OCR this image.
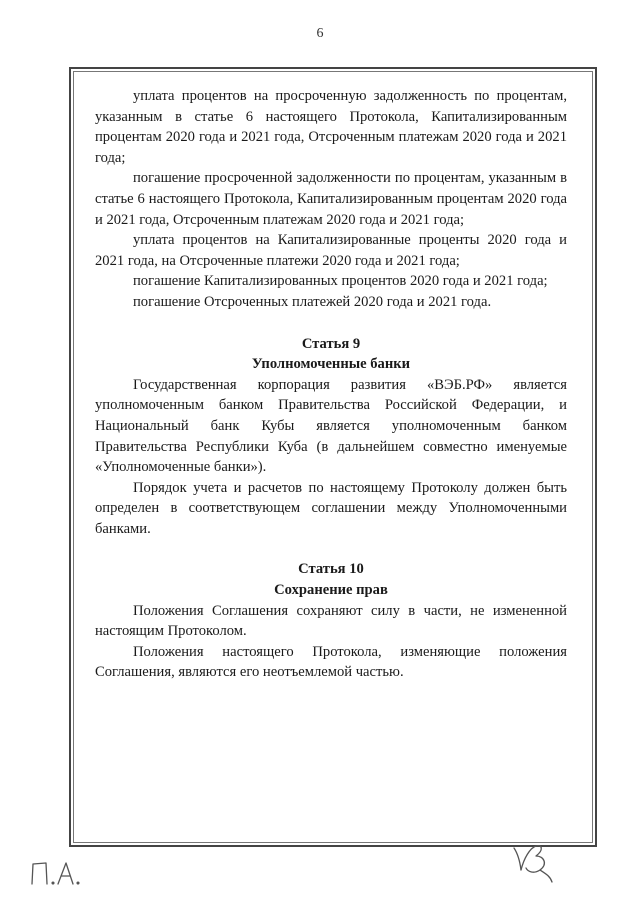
6

уплата процентов на просроченную задолженность по процентам, указанным в статье 6 настоящего Протокола, Капитализированным процентам 2020 года и 2021 года, Отсроченным платежам 2020 года и 2021 года;

погашение просроченной задолженности по процентам, указанным в статье 6 настоящего Протокола, Капитализированным процентам 2020 года и 2021 года, Отсроченным платежам 2020 года и 2021 года;

уплата процентов на Капитализированные проценты 2020 года и 2021 года, на Отсроченные платежи 2020 года и 2021 года;

погашение Капитализированных процентов 2020 года и 2021 года;

погашение Отсроченных платежей 2020 года и 2021 года.

Статья 9
Уполномоченные банки

Государственная корпорация развития «ВЭБ.РФ» является уполномоченным банком Правительства Российской Федерации, и Национальный банк Кубы является уполномоченным банком Правительства Республики Куба (в дальнейшем совместно именуемые «Уполномоченные банки»).

Порядок учета и расчетов по настоящему Протоколу должен быть определен в соответствующем соглашении между Уполномоченными банками.

Статья 10
Сохранение прав

Положения Соглашения сохраняют силу в части, не измененной настоящим Протоколом.

Положения настоящего Протокола, изменяющие положения Соглашения, являются его неотъемлемой частью.
